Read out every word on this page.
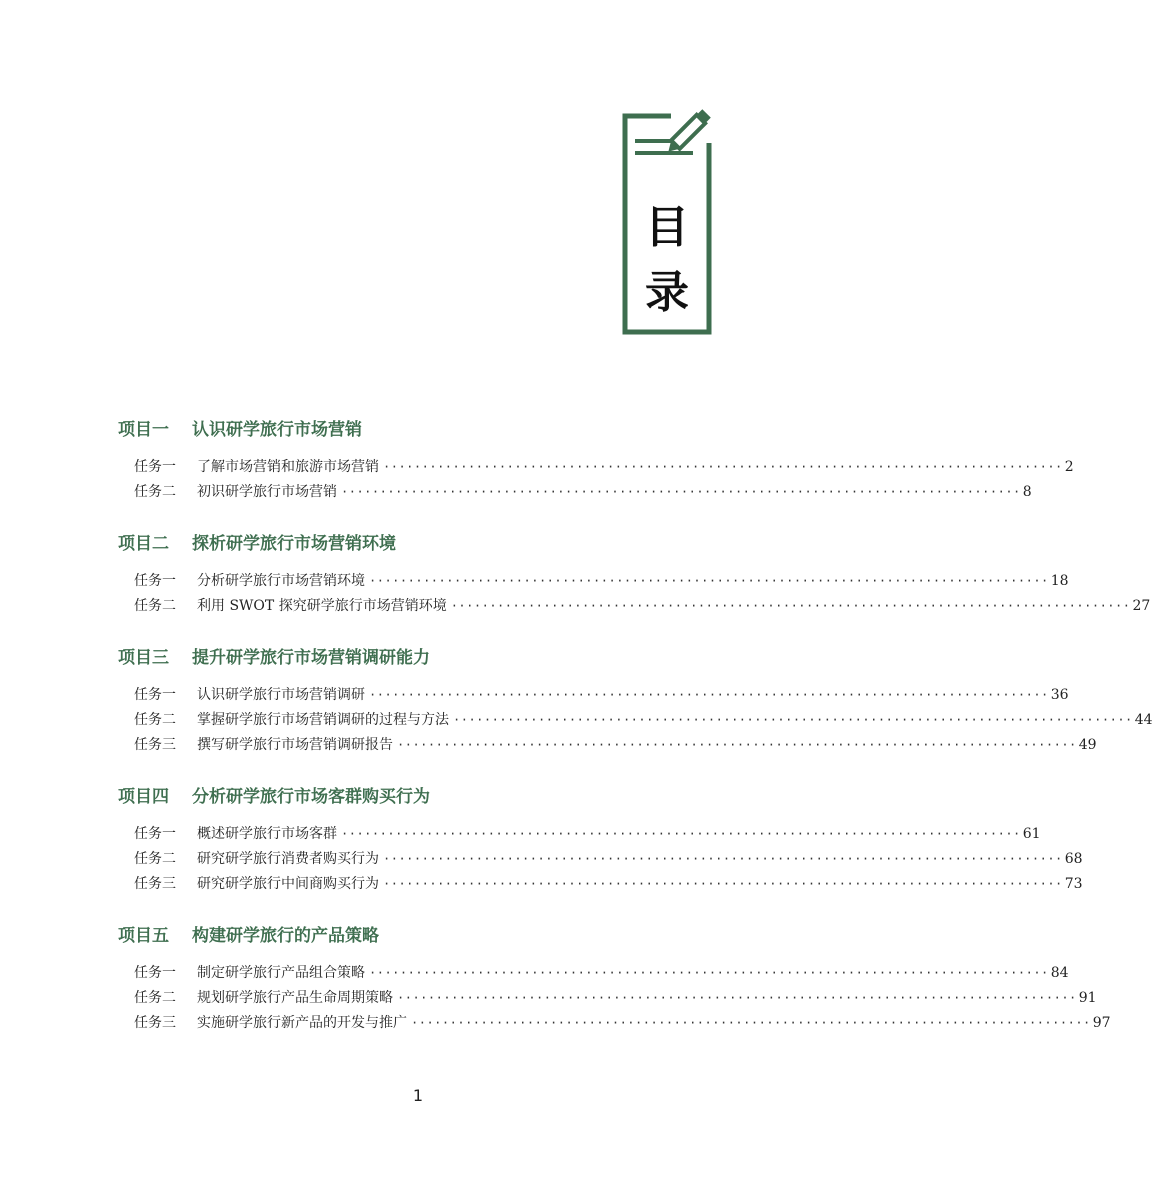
目
录
项目一 认识研学旅行市场营销
任务一	了解市场营销和旅游市场营销 ························································································ 2
任务二	初识研学旅行市场营销 ························································································ 8
项目二 探析研学旅行市场营销环境
任务一	分析研学旅行市场营销环境 ························································································ 18
任务二	利用 SWOT 探究研学旅行市场营销环境 ························································································ 27
项目三 提升研学旅行市场营销调研能力
任务一	认识研学旅行市场营销调研 ························································································ 36
任务二	掌握研学旅行市场营销调研的过程与方法 ························································································ 44
任务三	撰写研学旅行市场营销调研报告 ························································································ 49
项目四 分析研学旅行市场客群购买行为
任务一	概述研学旅行市场客群 ························································································ 61
任务二	研究研学旅行消费者购买行为 ························································································ 68
任务三	研究研学旅行中间商购买行为 ························································································ 73
项目五 构建研学旅行的产品策略
任务一	制定研学旅行产品组合策略 ························································································ 84
任务二	规划研学旅行产品生命周期策略 ························································································ 91
任务三	实施研学旅行新产品的开发与推广 ························································································ 97
1
